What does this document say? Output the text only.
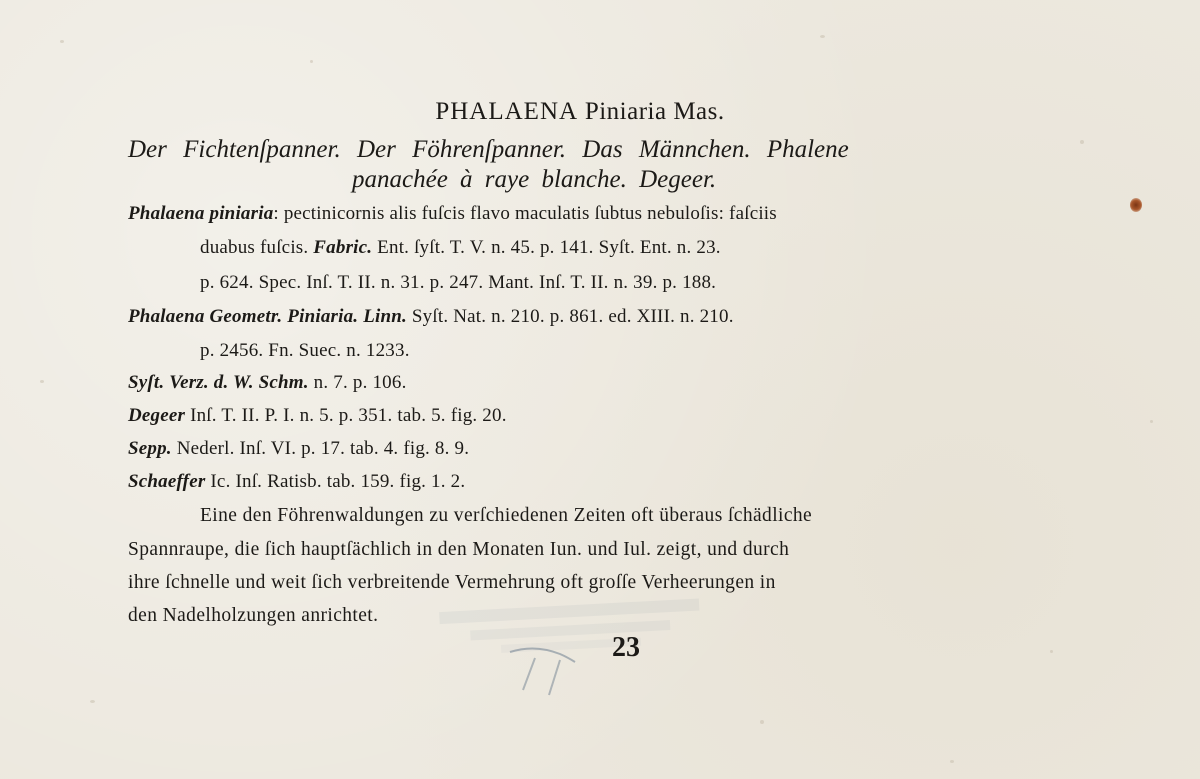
PHALAENA Piniaria Mas.
Der Fichtenſpanner. Der Föhrenſpanner. Das Männchen. Phalene
panachée à raye blanche. Degeer.
Phalaena piniaria: pectinicornis alis fuſcis flavo maculatis ſubtus nebuloſis: faſciis
duabus fuſcis. Fabric. Ent. ſyſt. T. V. n. 45. p. 141. Syſt. Ent. n. 23.
p. 624. Spec. Inſ. T. II. n. 31. p. 247. Mant. Inſ. T. II. n. 39. p. 188.
Phalaena Geometr. Piniaria. Linn. Syſt. Nat. n. 210. p. 861. ed. XIII. n. 210.
p. 2456. Fn. Suec. n. 1233.
Syſt. Verz. d. W. Schm. n. 7. p. 106.
Degeer Inſ. T. II. P. I. n. 5. p. 351. tab. 5. fig. 20.
Sepp. Nederl. Inſ. VI. p. 17. tab. 4. fig. 8. 9.
Schaeffer Ic. Inſ. Ratisb. tab. 159. fig. 1. 2.
Eine den Föhrenwaldungen zu verſchiedenen Zeiten oft überaus ſchädliche
Spannraupe, die ſich hauptſächlich in den Monaten Iun. und Iul. zeigt, und durch
ihre ſchnelle und weit ſich verbreitende Vermehrung oft groſſe Verheerungen in
den Nadelholzungen anrichtet.
23
